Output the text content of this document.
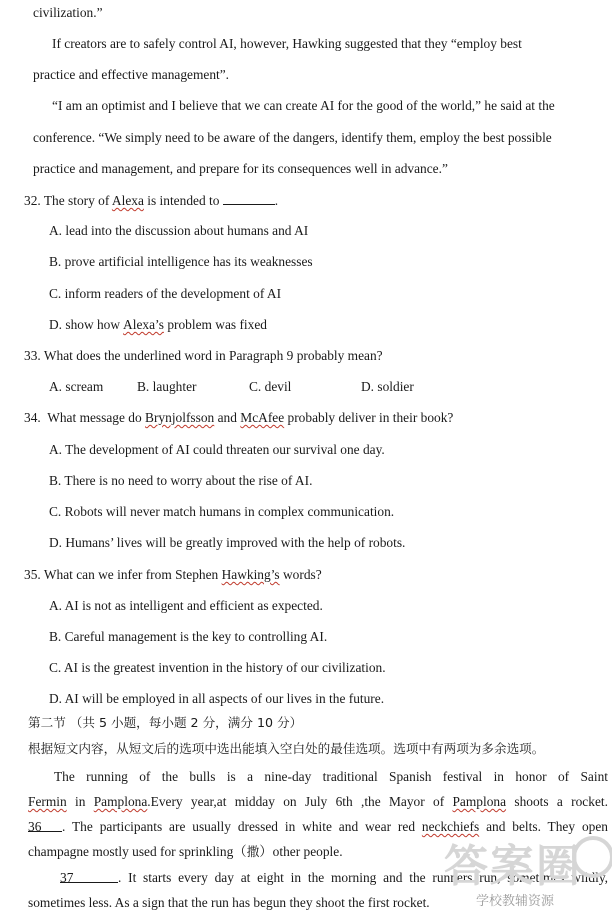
civilization.”
If creators are to safely control AI, however, Hawking suggested that they “employ best
practice and effective management”.
“I am an optimist and I believe that we can create AI for the good of the world,” he said at the
conference. “We simply need to be aware of the dangers, identify them, employ the best possible
practice and management, and prepare for its consequences well in advance.”
32. The story of Alexa is intended to	.
A. lead into the discussion about humans and AI
B. prove artificial intelligence has its weaknesses
C. inform readers of the development of AI
D. show how Alexa’s problem was fixed
33. What does the underlined word in Paragraph 9 probably mean?
A. scream	B. laughter	C. devil	D. soldier
34. What message do Brynjolfsson and McAfee probably deliver in their book?
A. The development of AI could threaten our survival one day.
B. There is no need to worry about the rise of AI.
C. Robots will never match humans in complex communication.
D. Humans’ lives will be greatly improved with the help of robots.
35. What can we infer from Stephen Hawking’s words?
A. AI is not as intelligent and efficient as expected.
B. Careful management is the key to controlling AI.
C. AI is the greatest invention in the history of our civilization.
D. AI will be employed in all aspects of our lives in the future.
第二节 （共 5 小题，每小题 2 分，满分 10 分）
根据短文内容，从短文后的选项中选出能填入空白处的最佳选项。选项中有两项为多余选项。
The running of the bulls is a nine-day traditional Spanish festival in honor of Saint
Fermin in Pamplona.Every year,at midday on July 6th ,the Mayor of Pamplona shoots a rocket.
36 . The participants are usually dressed in white and wear red neckchiefs and belts. They open
champagne mostly used for sprinkling（撒）other people.
37	. It starts every day at eight in the morning and the runners run, sometimes wildly,
sometimes less. As a sign that the run has begun they shoot the first rocket.
答案圈
学校教辅资源
